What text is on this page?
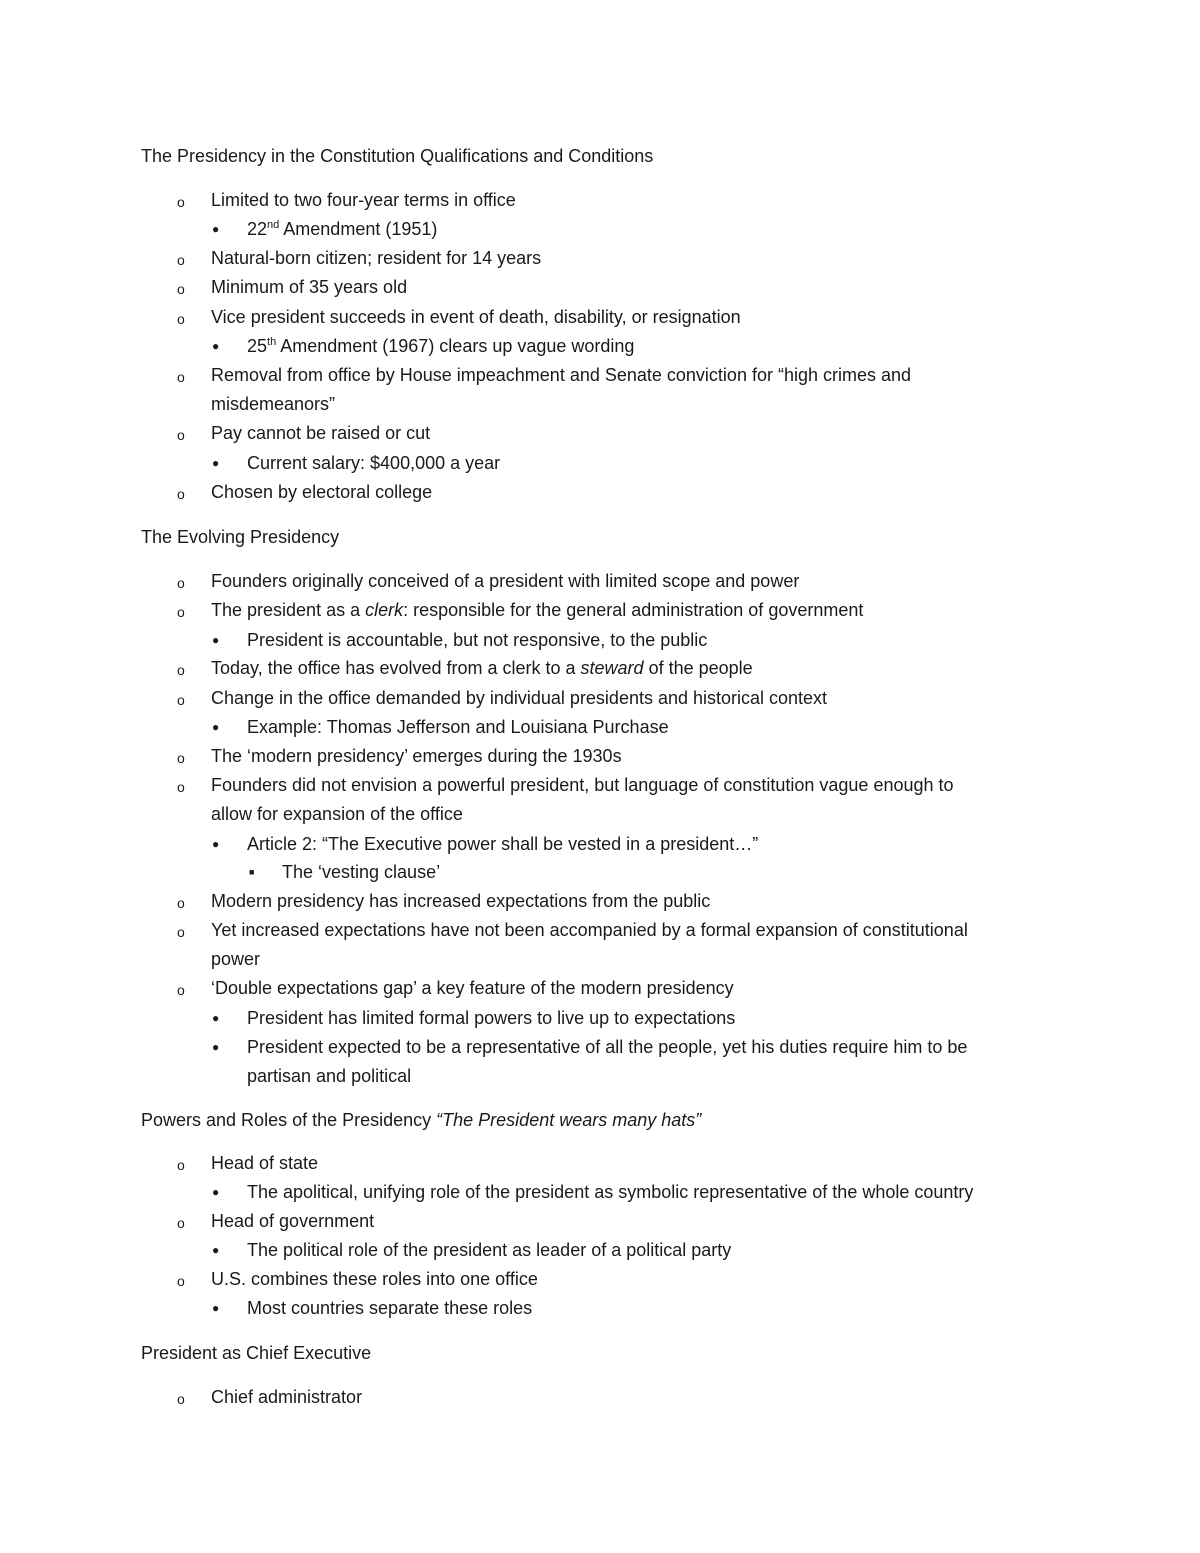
The Presidency in the Constitution Qualifications and Conditions
o Limited to two four-year terms in office
● 22nd Amendment (1951)
o Natural-born citizen; resident for 14 years
o Minimum of 35 years old
o Vice president succeeds in event of death, disability, or resignation
● 25th Amendment (1967) clears up vague wording
o Removal from office by House impeachment and Senate conviction for “high crimes and
misdemeanors”
o Pay cannot be raised or cut
● Current salary: $400,000 a year
o Chosen by electoral college
The Evolving Presidency
o Founders originally conceived of a president with limited scope and power
o The president as a clerk: responsible for the general administration of government
● President is accountable, but not responsive, to the public
o Today, the office has evolved from a clerk to a steward of the people
o Change in the office demanded by individual presidents and historical context
● Example: Thomas Jefferson and Louisiana Purchase
o The ‘modern presidency’ emerges during the 1930s
o Founders did not envision a powerful president, but language of constitution vague enough to
allow for expansion of the office
● Article 2: “The Executive power shall be vested in a president…”
■ The ‘vesting clause’
o Modern presidency has increased expectations from the public
o Yet increased expectations have not been accompanied by a formal expansion of constitutional
power
o ‘Double expectations gap’ a key feature of the modern presidency
● President has limited formal powers to live up to expectations
● President expected to be a representative of all the people, yet his duties require him to be
partisan and political
Powers and Roles of the Presidency “The President wears many hats”
o Head of state
● The apolitical, unifying role of the president as symbolic representative of the whole country
o Head of government
● The political role of the president as leader of a political party
o U.S. combines these roles into one office
● Most countries separate these roles
President as Chief Executive
o Chief administrator
